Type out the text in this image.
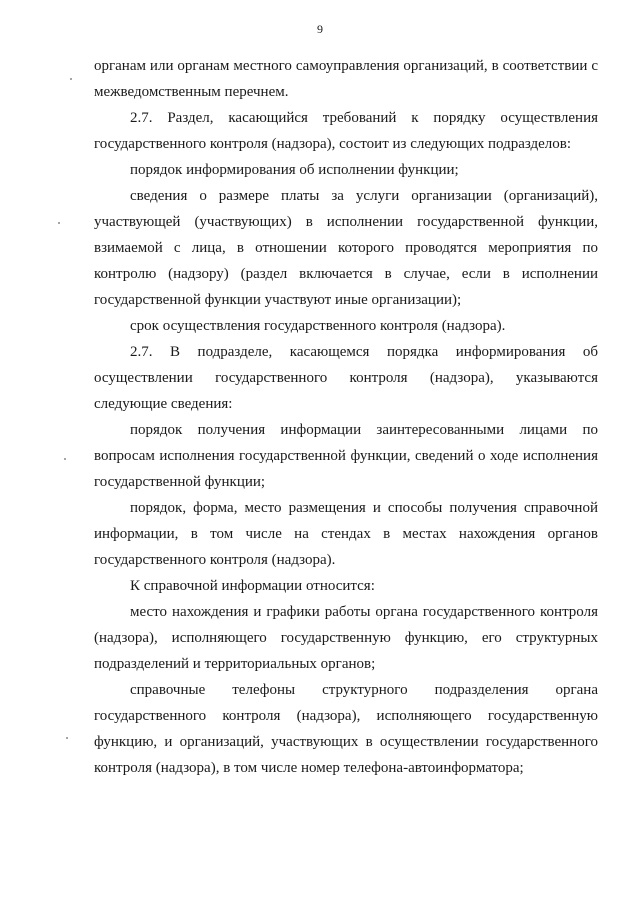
9

органам или органам местного самоуправления организаций, в соответствии с межведомственным перечнем.

2.7. Раздел, касающийся требований к порядку осуществления государственного контроля (надзора), состоит из следующих подразделов:

порядок информирования об исполнении функции;

сведения о размере платы за услуги организации (организаций), участвующей (участвующих) в исполнении государственной функции, взимаемой с лица, в отношении которого проводятся мероприятия по контролю (надзору) (раздел включается в случае, если в исполнении государственной функции участвуют иные организации);

срок осуществления государственного контроля (надзора).

2.7. В подразделе, касающемся порядка информирования об осуществлении государственного контроля (надзора), указываются следующие сведения:

порядок получения информации заинтересованными лицами по вопросам исполнения государственной функции, сведений о ходе исполнения государственной функции;

порядок, форма, место размещения и способы получения справочной информации, в том числе на стендах в местах нахождения органов государственного контроля (надзора).

К справочной информации относится:

место нахождения и графики работы органа государственного контроля (надзора), исполняющего государственную функцию, его структурных подразделений и территориальных органов;

справочные телефоны структурного подразделения органа государственного контроля (надзора), исполняющего государственную функцию, и организаций, участвующих в осуществлении государственного контроля (надзора), в том числе номер телефона-автоинформатора;
